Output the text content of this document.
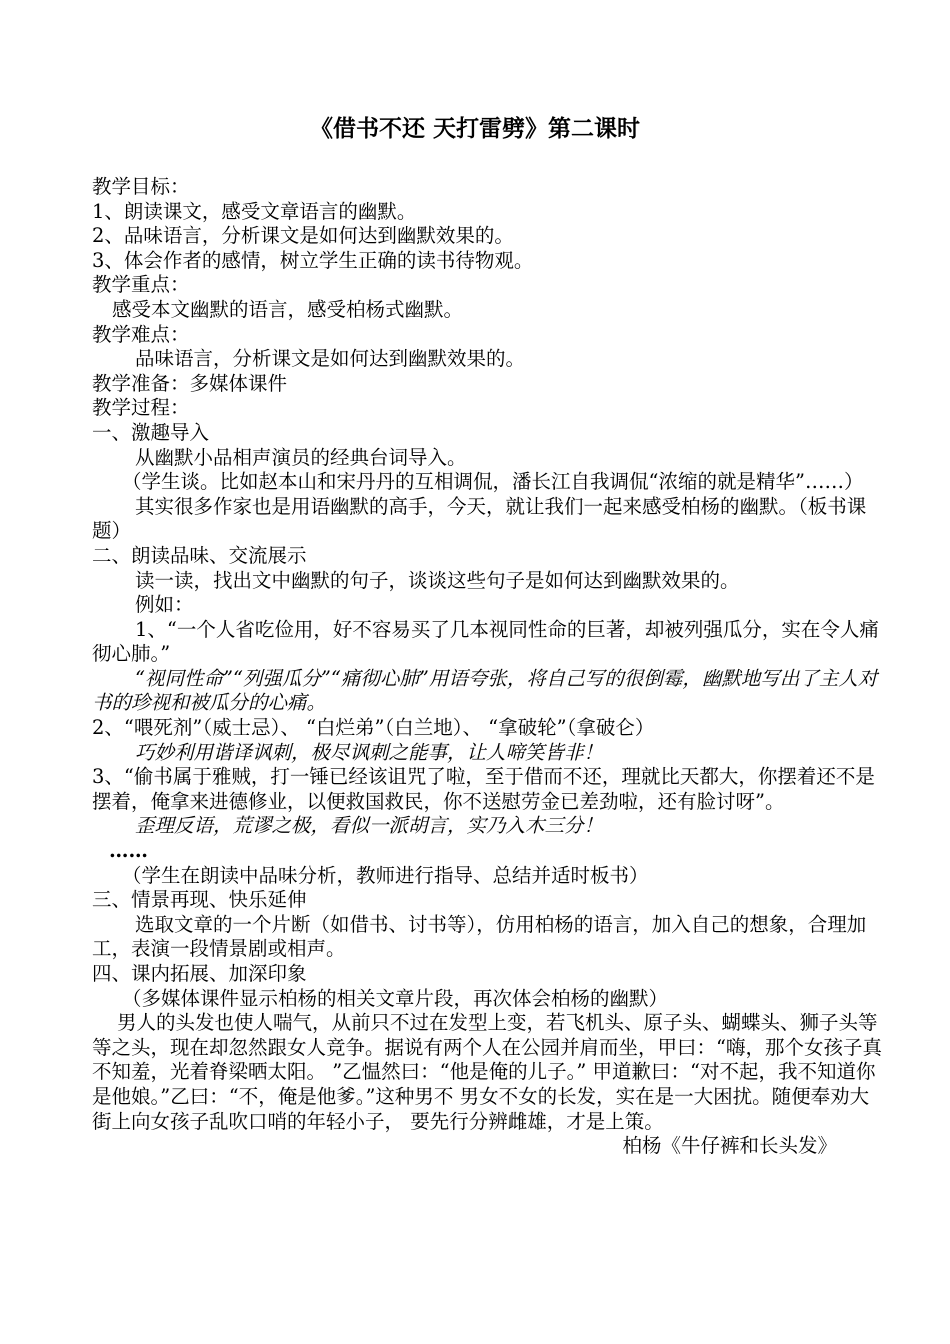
《借书不还 天打雷劈》第二课时
教学目标：
1、朗读课文，感受文章语言的幽默。
2、品味语言，分析课文是如何达到幽默效果的。
3、体会作者的感情，树立学生正确的读书待物观。
教学重点：
感受本文幽默的语言，感受柏杨式幽默。
教学难点：
品味语言，分析课文是如何达到幽默效果的。
教学准备：多媒体课件
教学过程：
一、激趣导入
从幽默小品相声演员的经典台词导入。
（学生谈。比如赵本山和宋丹丹的互相调侃，潘长江自我调侃“浓缩的就是精华”……）
其实很多作家也是用语幽默的高手，今天，就让我们一起来感受柏杨的幽默。（板书课题）
二、朗读品味、交流展示
读一读，找出文中幽默的句子，谈谈这些句子是如何达到幽默效果的。
例如：
1、“一个人省吃俭用，好不容易买了几本视同性命的巨著，却被列强瓜分，实在令人痛彻心肺。”
“视同性命”“列强瓜分”“痛彻心肺”用语夸张，将自己写的很倒霉，幽默地写出了主人对书的珍视和被瓜分的心痛。
2、“喂死剂”（威士忌）、 “白烂弟”（白兰地）、 “拿破轮”（拿破仑）
巧妙利用谐译讽刺，极尽讽刺之能事，让人啼笑皆非！
3、“偷书属于雅贼，打一锤已经该诅咒了啦，至于借而不还，理就比天都大，你摆着还不是摆着，俺拿来进德修业，以便救国救民，你不送慰劳金已差劲啦，还有脸讨呀”。
歪理反语，荒谬之极，看似一派胡言，实乃入木三分！
……
（学生在朗读中品味分析，教师进行指导、总结并适时板书）
三、情景再现、快乐延伸
选取文章的一个片断（如借书、讨书等），仿用柏杨的语言，加入自己的想象，合理加工，表演一段情景剧或相声。
四、课内拓展、加深印象
（多媒体课件显示柏杨的相关文章片段，再次体会柏杨的幽默）
男人的头发也使人喘气，从前只不过在发型上变，若飞机头、原子头、蝴蝶头、狮子头等等之头，现在却忽然跟女人竞争。据说有两个人在公园并肩而坐，甲曰：“嗨，那个女孩子真不知羞，光着脊梁晒太阳。 ”乙愠然曰：“他是俺的儿子。” 甲道歉曰：“对不起，我不知道你是他娘。”乙曰：“不，俺是他爹。”这种男不 男女不女的长发，实在是一大困扰。随便奉劝大街上向女孩子乱吹口哨的年轻小子， 要先行分辨雌雄，才是上策。
柏杨《牛仔裤和长头发》
